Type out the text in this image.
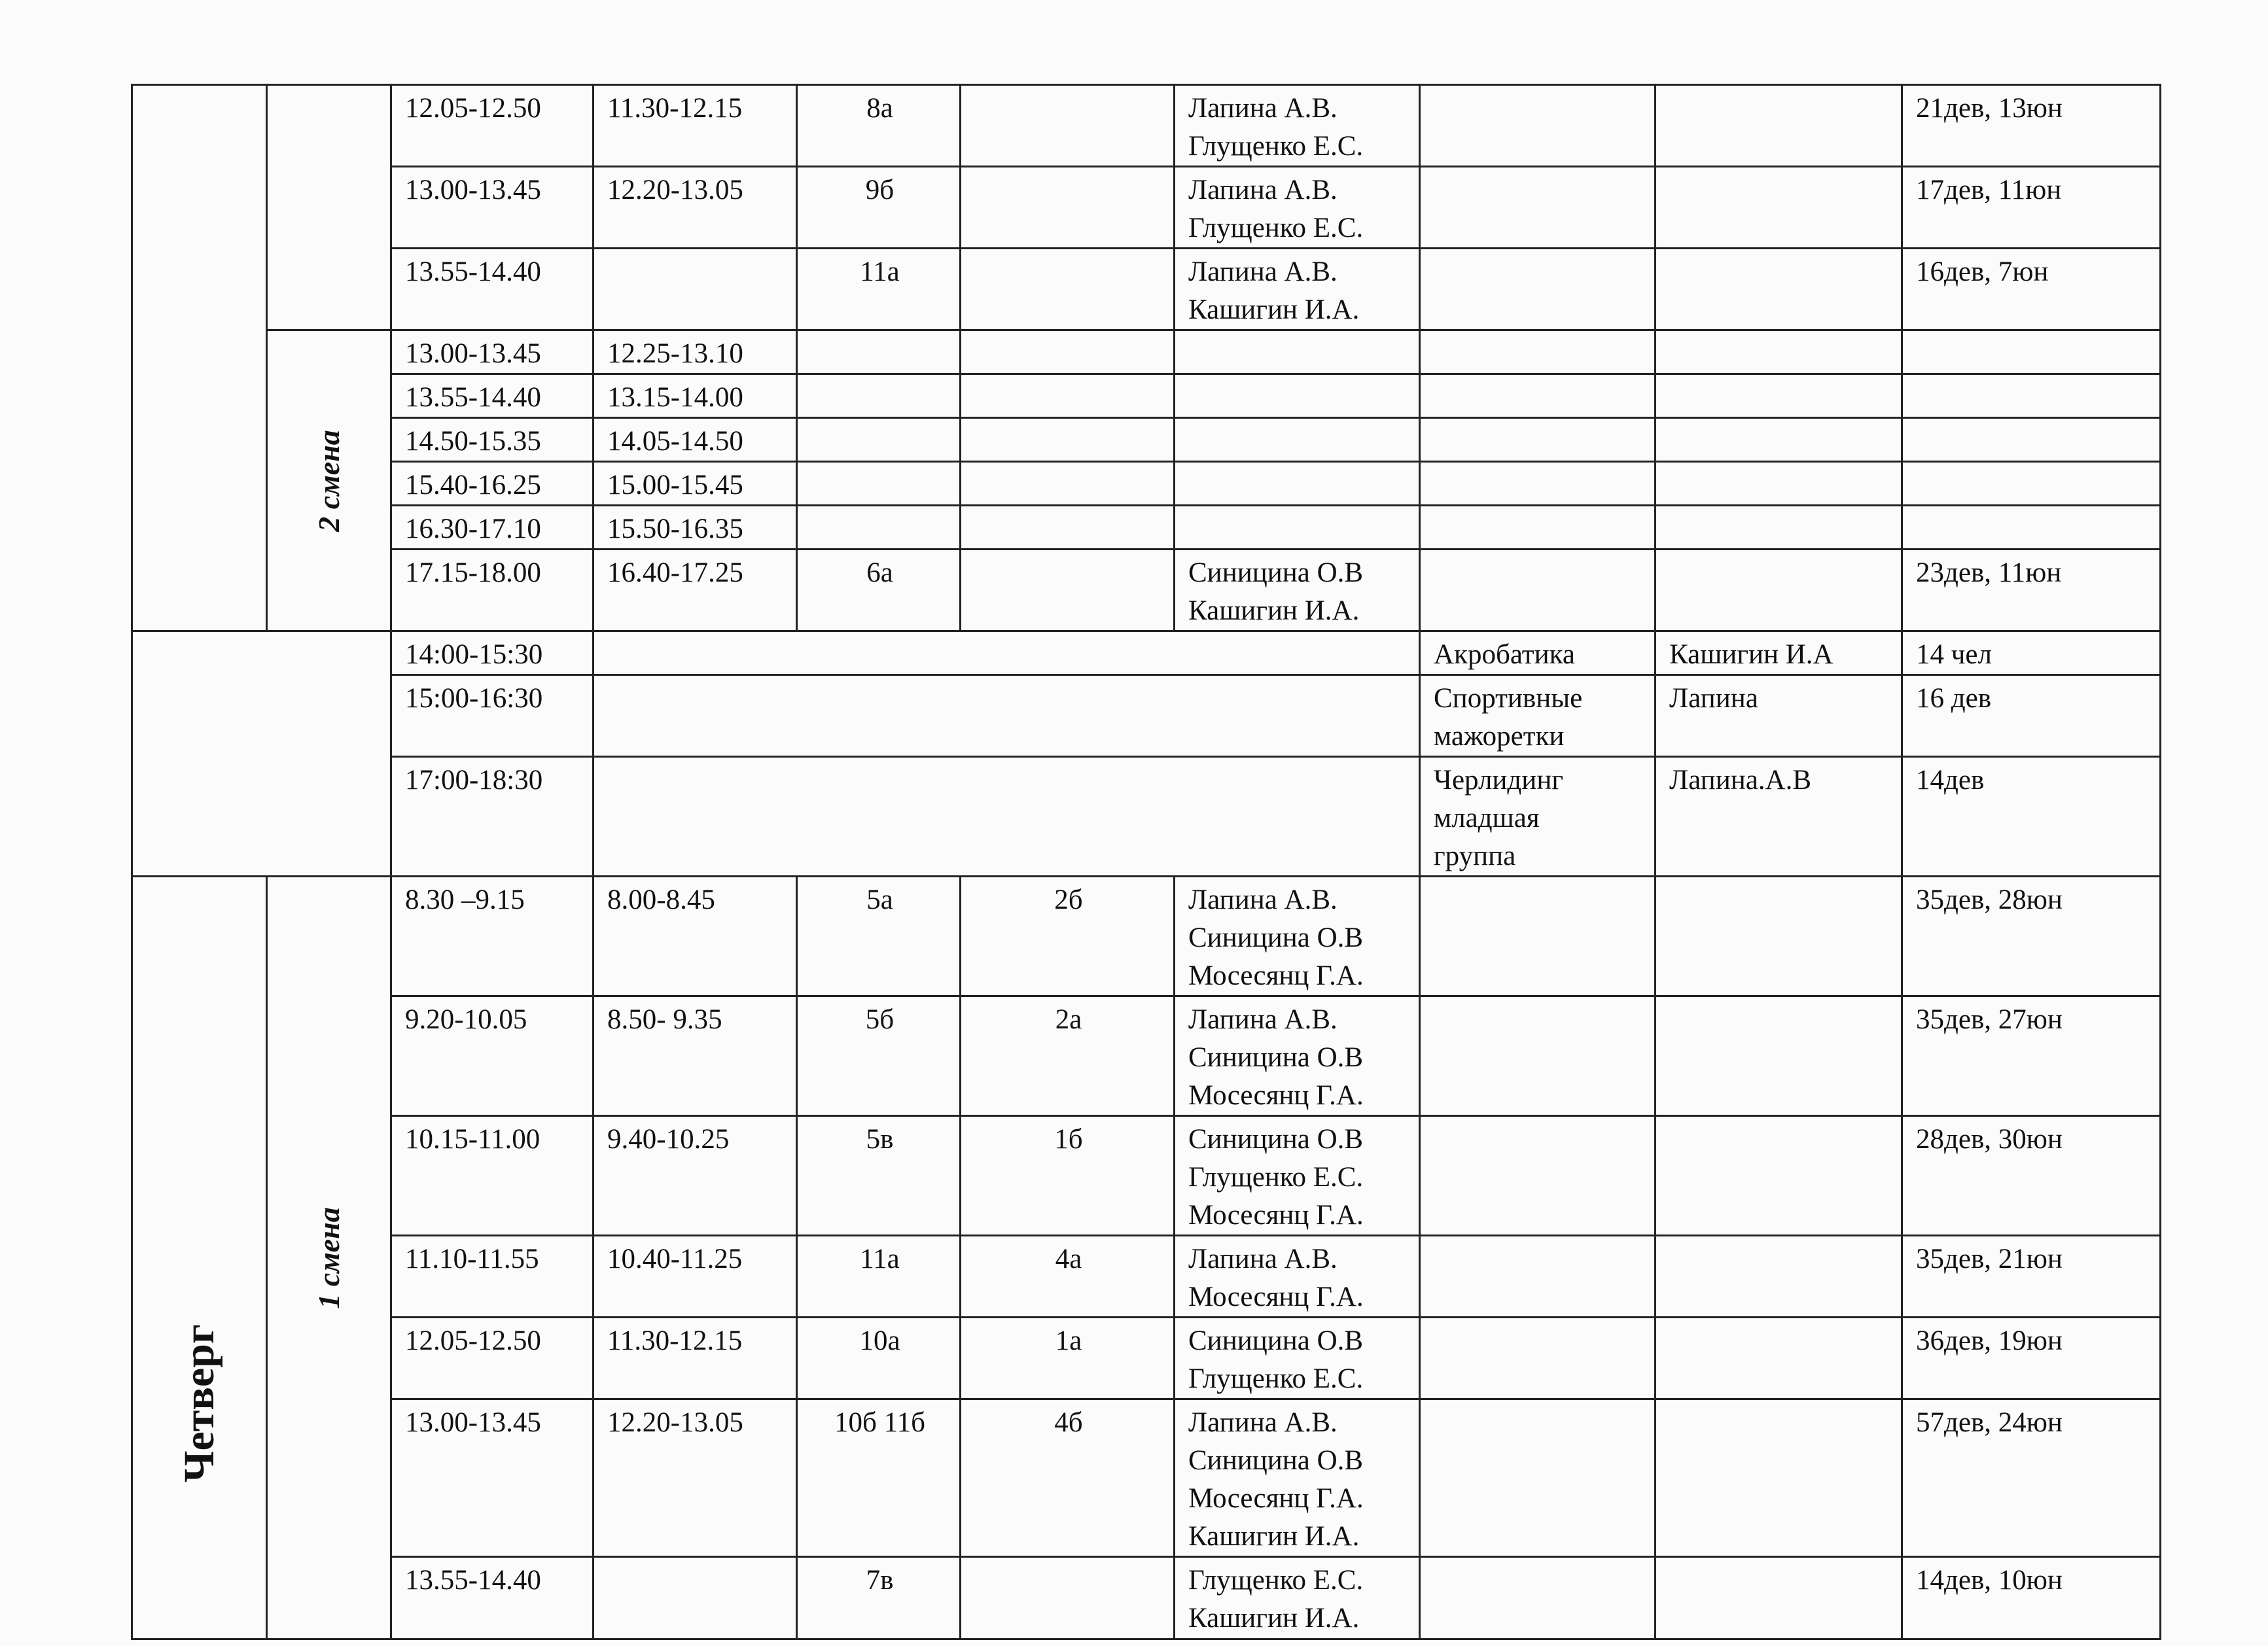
		12.05-12.50	11.30-12.15	8а		Лапина А.В.
Глущенко Е.С.			21дев, 13юн
		13.00-13.45	12.20-13.05	9б		Лапина А.В.
Глущенко Е.С.			17дев, 11юн
		13.55-14.40		11а		Лапина А.В.
Кашигин И.А.			16дев, 7юн

	2 смена	13.00-13.45	12.25-13.10						
		13.55-14.40	13.15-14.00						
		14.50-15.35	14.05-14.50						
		15.40-16.25	15.00-15.45						
		16.30-17.10	15.50-16.35						
		17.15-18.00	16.40-17.25	6а		Синицина О.В
Кашигин И.А.			23дев, 11юн
		14:00-15:30					Акробатика	Кашигин И.А	14 чел
		15:00-16:30					Спортивные
мажоретки	Лапина	16 дев
		17:00-18:30					Черлидинг
младшая
группа	Лапина.А.В	14дев

Четверг	1 смена	8.30 –9.15	8.00-8.45	5а	2б	Лапина А.В.
Синицина О.В
Мосесянц Г.А.			35дев, 28юн
		9.20-10.05	8.50- 9.35	5б	2а	Лапина А.В.
Синицина О.В
Мосесянц Г.А.			35дев, 27юн
		10.15-11.00	9.40-10.25	5в	1б	Синицина О.В
Глущенко Е.С.
Мосесянц Г.А.			28дев, 30юн
		11.10-11.55	10.40-11.25	11а	4а	Лапина А.В.
Мосесянц Г.А.			35дев, 21юн
		12.05-12.50	11.30-12.15	10а	1а	Синицина О.В
Глущенко Е.С.			36дев, 19юн
		13.00-13.45	12.20-13.05	10б 11б	4б	Лапина А.В.
Синицина О.В
Мосесянц Г.А.
Кашигин И.А.			57дев, 24юн
		13.55-14.40		7в		Глущенко Е.С.
Кашигин И.А.			14дев, 10юн
